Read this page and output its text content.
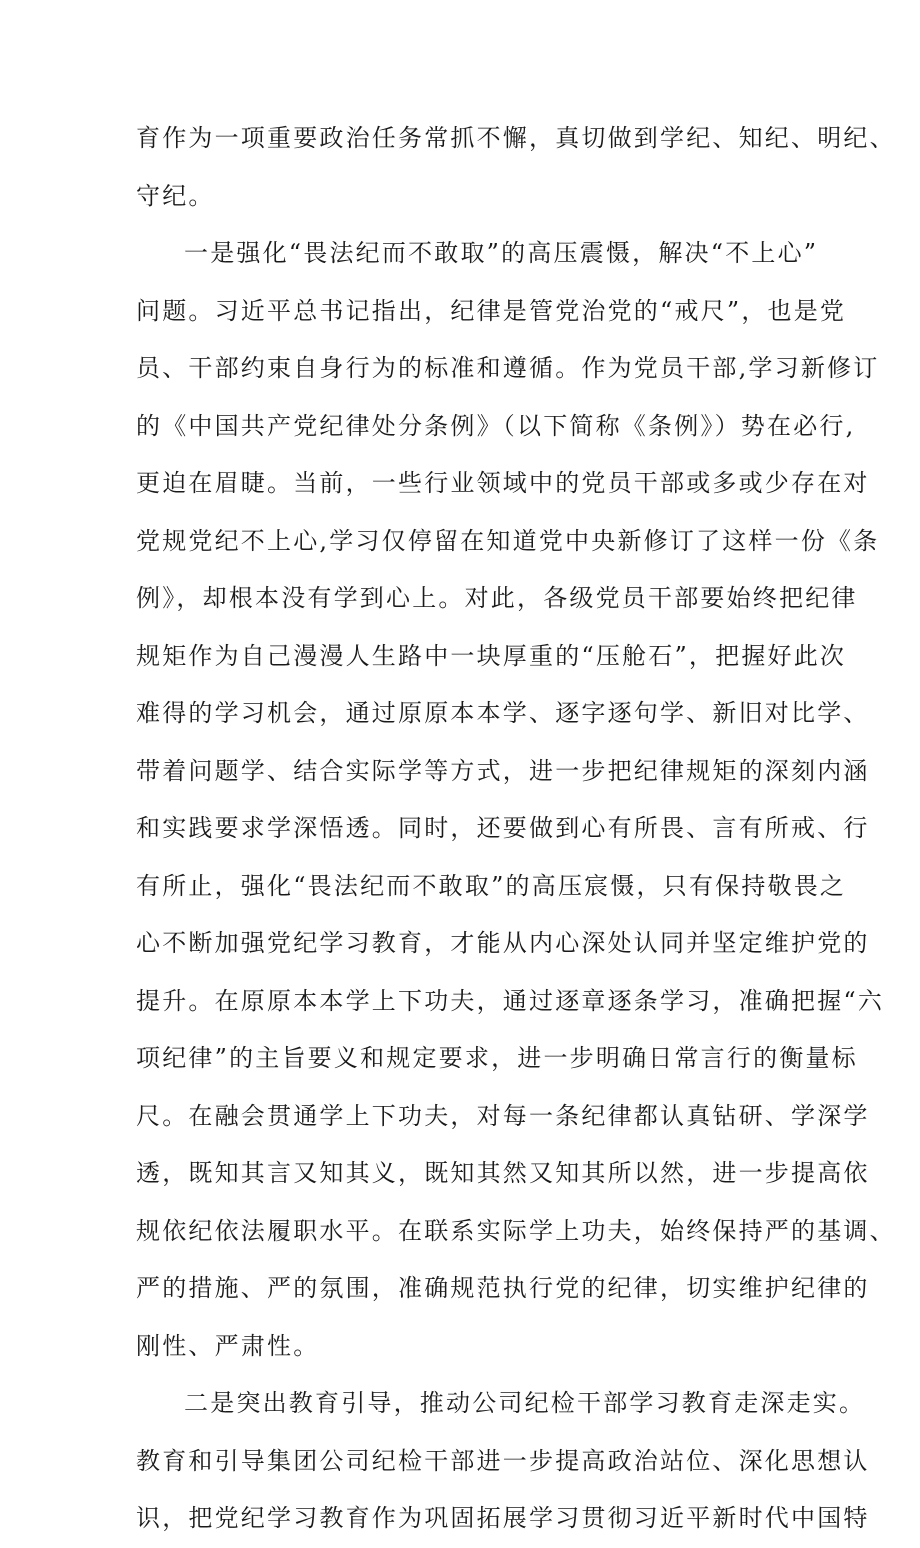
育作为一项重要政治任务常抓不懈，真切做到学纪、知纪、明纪、
守纪。
一是强化“畏法纪而不敢取”的高压震慑，解决“不上心”
问题。习近平总书记指出，纪律是管党治党的“戒尺”，也是党
员、干部约束自身行为的标准和遵循。作为党员干部,学习新修订
的《中国共产党纪律处分条例》（以下简称《条例》）势在必行,
更迫在眉睫。当前，一些行业领域中的党员干部或多或少存在对
党规党纪不上心,学习仅停留在知道党中央新修订了这样一份《条
例》，却根本没有学到心上。对此，各级党员干部要始终把纪律
规矩作为自己漫漫人生路中一块厚重的“压舱石”，把握好此次
难得的学习机会，通过原原本本学、逐字逐句学、新旧对比学、
带着问题学、结合实际学等方式，进一步把纪律规矩的深刻内涵
和实践要求学深悟透。同时，还要做到心有所畏、言有所戒、行
有所止，强化“畏法纪而不敢取”的高压宸慑，只有保持敬畏之
心不断加强党纪学习教育，才能从内心深处认同并坚定维护党的
提升。在原原本本学上下功夫，通过逐章逐条学习，准确把握“六
项纪律”的主旨要义和规定要求，进一步明确日常言行的衡量标
尺。在融会贯通学上下功夫，对每一条纪律都认真钻研、学深学
透，既知其言又知其义，既知其然又知其所以然，进一步提高依
规依纪依法履职水平。在联系实际学上功夫，始终保持严的基调、
严的措施、严的氛围，准确规范执行党的纪律，切实维护纪律的
刚性、严肃性。
二是突出教育引导，推动公司纪检干部学习教育走深走实。
教育和引导集团公司纪检干部进一步提高政治站位、深化思想认
识，把党纪学习教育作为巩固拓展学习贯彻习近平新时代中国特
